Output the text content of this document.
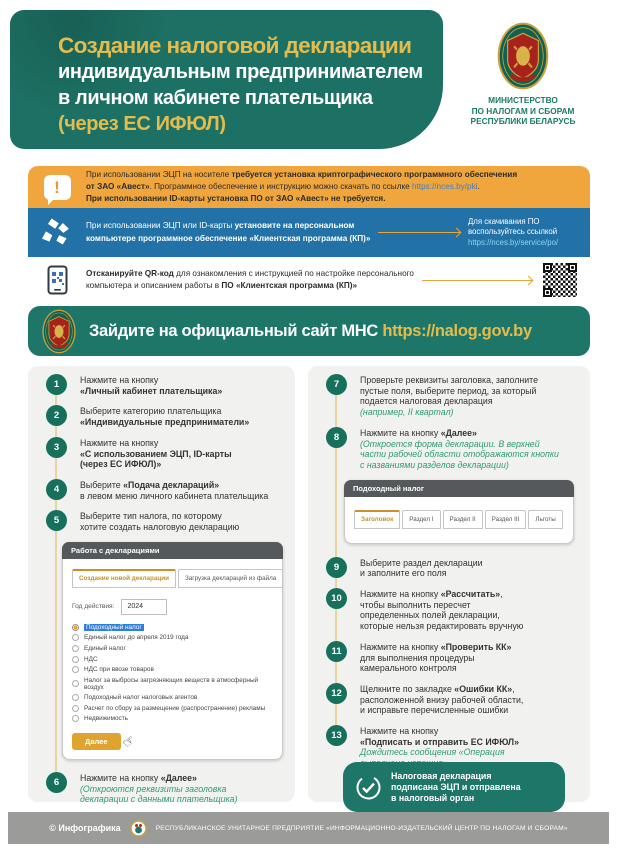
Создание налоговой декларации
индивидуальным предпринимателем
в личном кабинете плательщика
(через ЕС ИФЮЛ)
МИНИСТЕРСТВО
ПО НАЛОГАМ И СБОРАМ
РЕСПУБЛИКИ БЕЛАРУСЬ
!
При использовании ЭЦП на носителе требуется установка криптографического программного обеспечения
от ЗАО «Авест». Программное обеспечение и инструкцию можно скачать по ссылке https://nces.by/pki.
При использовании ID-карты установка ПО от ЗАО «Авест» не требуется.
При использовании ЭЦП или ID-карты установите на персональном
компьютере программное обеспечение «Клиентская программа (КП)»
Для скачивания ПО
воспользуйтесь ссылкой
https://nces.by/service/po/
Отсканируйте QR-код для ознакомления с инструкцией по настройке персонального
компьютера и описанием работы в ПО «Клиентская программа (КП)»
Зайдите на официальный сайт МНС https://nalog.gov.by
1	Нажмите на кнопку
«Личный кабинет плательщика»
2	Выберите категорию плательщика
«Индивидуальные предприниматели»
3	Нажмите на кнопку
«С использованием ЭЦП, ID-карты
(через ЕС ИФЮЛ)»
4	Выберите «Подача деклараций»
в левом меню личного кабинета плательщика
5	Выберите тип налога, по которому
хотите создать налоговую декларацию
Работа с декларациями
Создание новой декларации	Загрузка деклараций из файла
Год действия:	2024
Подоходный налог
Единый налог до апреля 2019 года
Единый налог
НДС
НДС при ввозе товаров
Налог за выбросы загрязняющих веществ в атмосферный воздух
Подоходный налог налоговых агентов
Расчет по сбору за размещение (распространение) рекламы
Недвижимость
Далее ☞
6	Нажмите на кнопку «Далее»
(Откроются реквизиты заголовка
декларации с данными плательщика)
7	Проверьте реквизиты заголовка, заполните
пустые поля, выберите период, за который
подается налоговая декларация
(например, II квартал)
8	Нажмите на кнопку «Далее»
(Откроется форма декларации. В верхней
части рабочей области отображаются кнопки
с названиями разделов декларации)
Подоходный налог
Заголовок	Раздел I	Раздел II	Раздел III	Льготы
9	Выберите раздел декларации
и заполните его поля
10	Нажмите на кнопку «Рассчитать»,
чтобы выполнить пересчет
определенных полей декларации,
которые нельзя редактировать вручную
11	Нажмите на кнопку «Проверить КК»
для выполнения процедуры
камерального контроля
12	Щелкните по закладке «Ошибки КК»,
расположенной внизу рабочей области,
и исправьте перечисленные ошибки
13	Нажмите на кнопку
«Подписать и отправить ЕС ИФЮЛ»
Дождитесь сообщения «Операция
Налоговая декларация
подписана ЭЦП и отправлена
в налоговый орган
© Инфографика	РЕСПУБЛИКАНСКОЕ УНИТАРНОЕ ПРЕДПРИЯТИЕ «ИНФОРМАЦИОННО-ИЗДАТЕЛЬСКИЙ ЦЕНТР ПО НАЛОГАМ И СБОРАМ»
